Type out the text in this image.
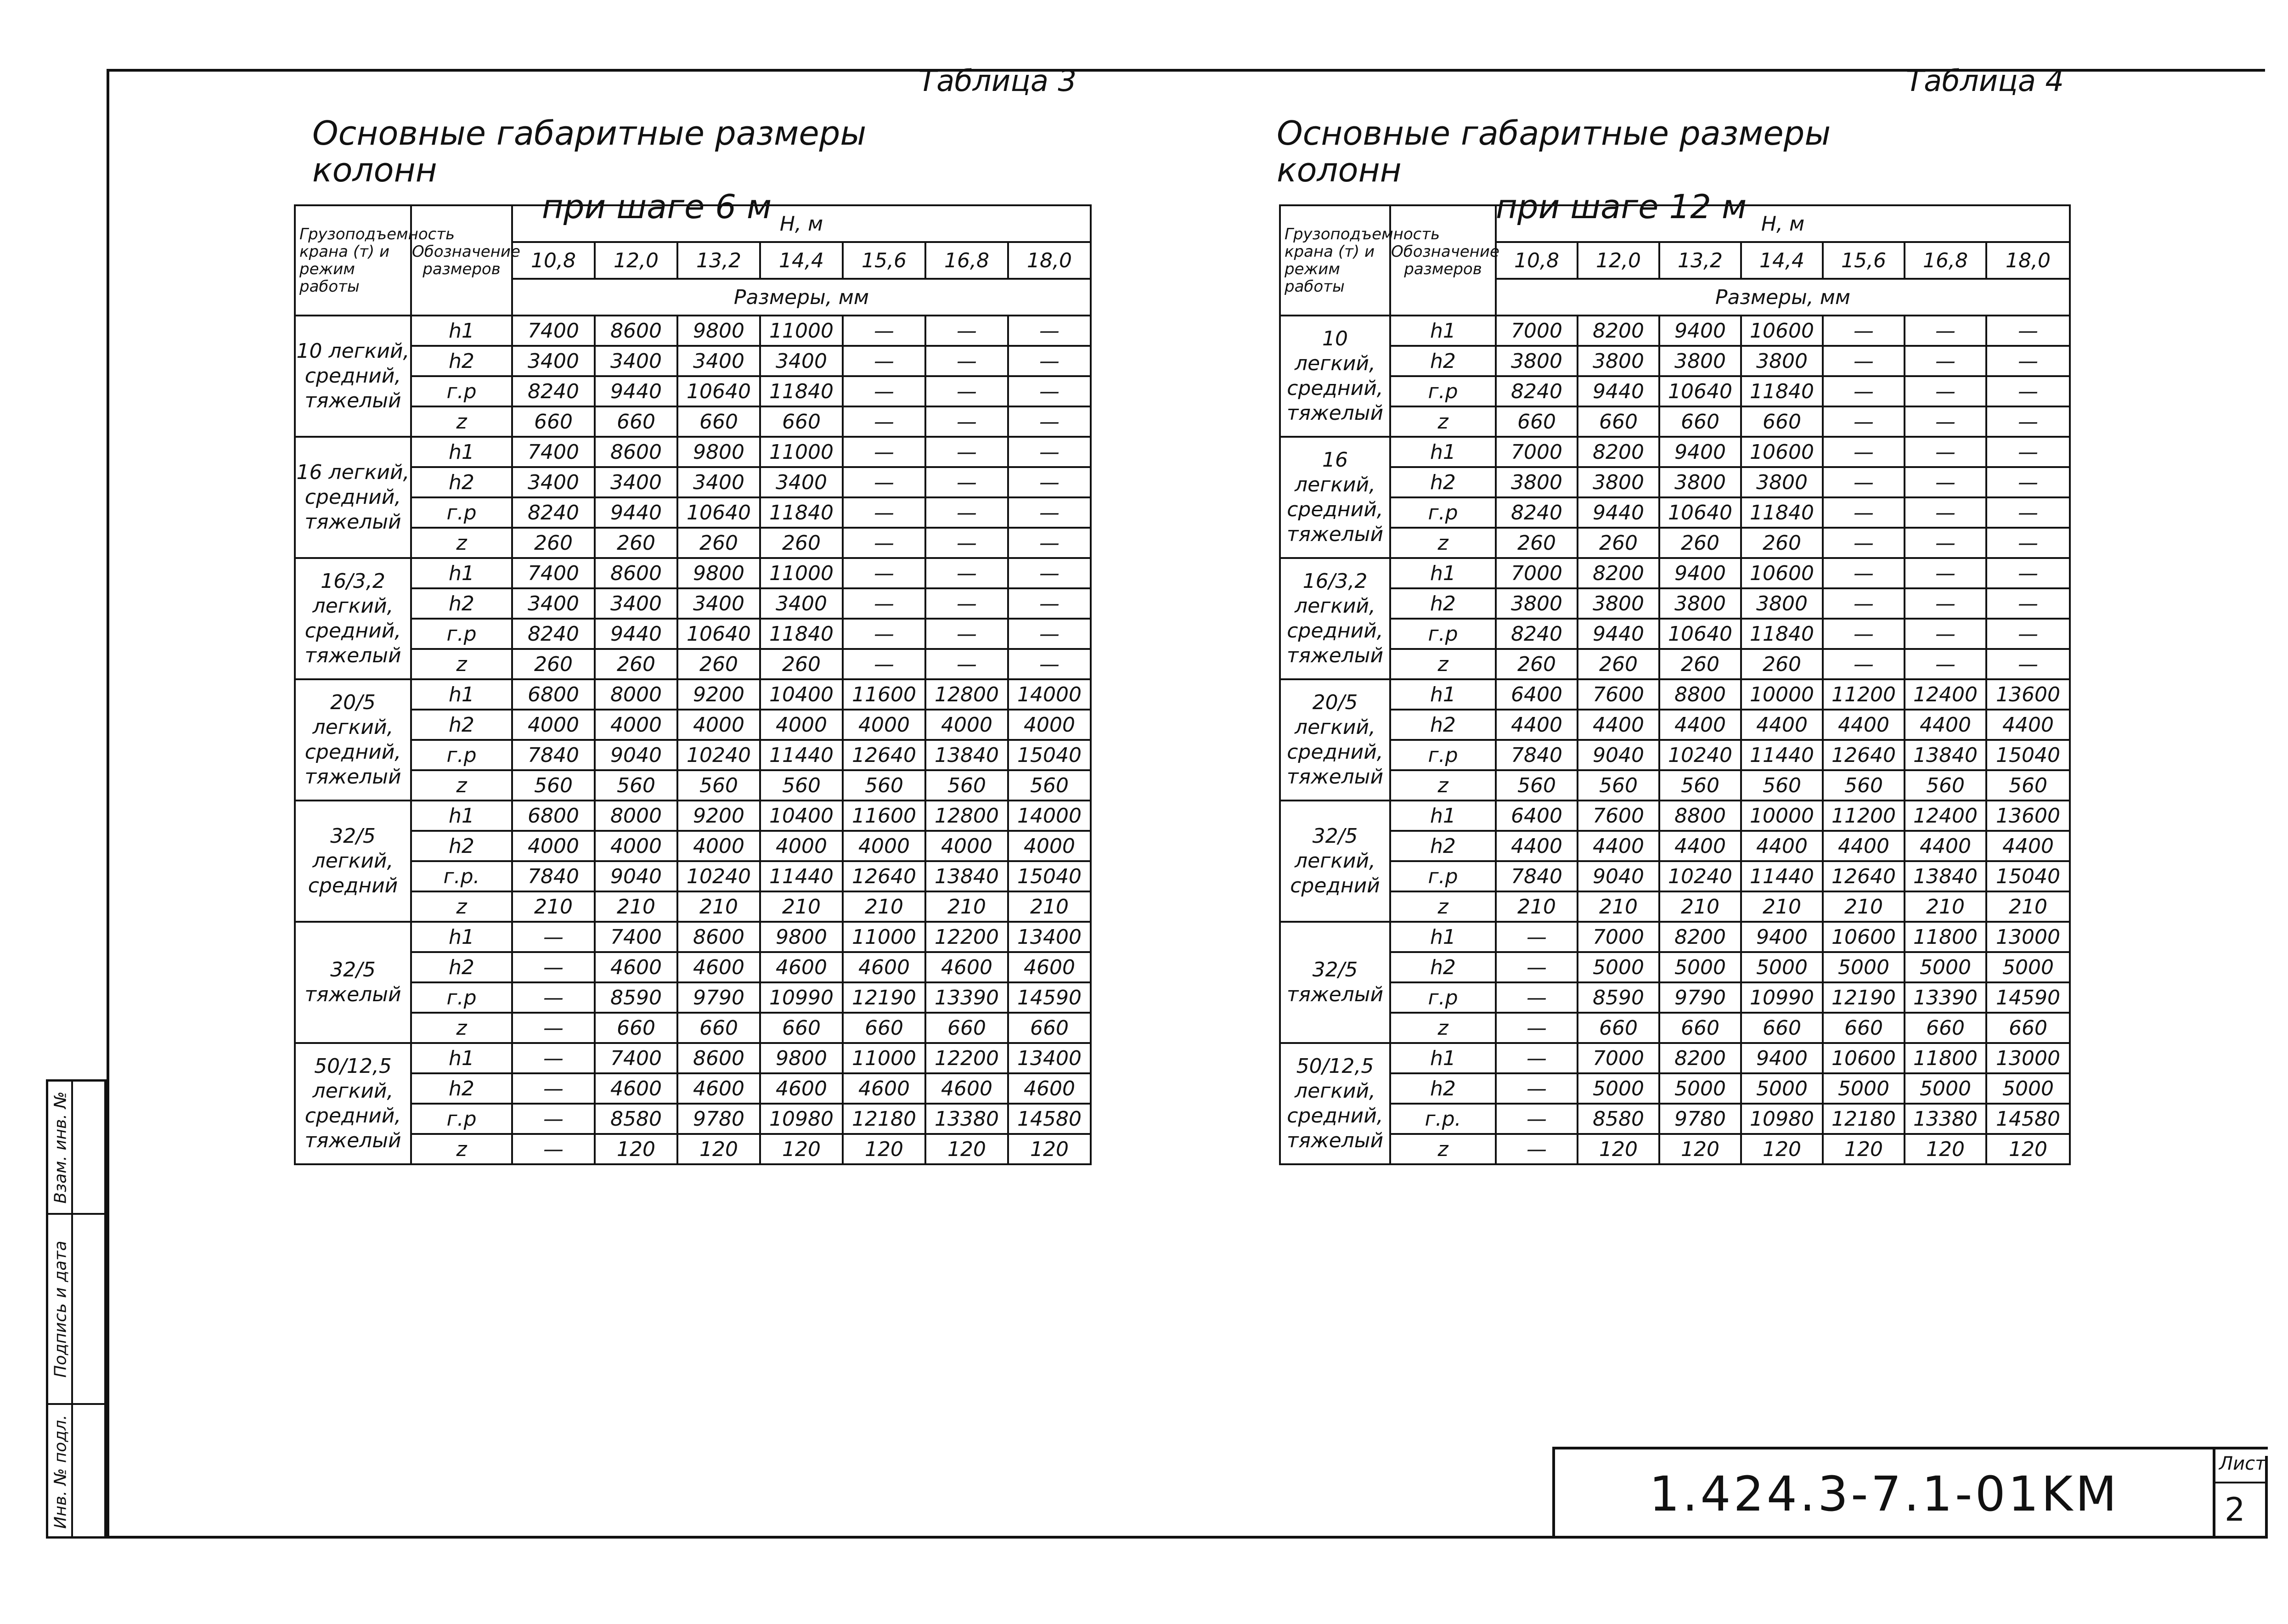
Таблица 3
Основные габаритные размеры колонн
при шаге 6 м
Грузоподъемность крана (т) и режим работы	Обозначение размеров	H, м						
		10,8	12,0	13,2	14,4	15,6	16,8	18,0
		Размеры, мм						
10 легкий, средний, тяжелый	h1	7400	8600	9800	11000	—	—	—
	h2	3400	3400	3400	3400	—	—	—
	г.р	8240	9440	10640	11840	—	—	—
	z	660	660	660	660	—	—	—
16 легкий, средний, тяжелый	h1	7400	8600	9800	11000	—	—	—
	h2	3400	3400	3400	3400	—	—	—
	г.р	8240	9440	10640	11840	—	—	—
	z	260	260	260	260	—	—	—
16/3,2 легкий, средний, тяжелый	h1	7400	8600	9800	11000	—	—	—
	h2	3400	3400	3400	3400	—	—	—
	г.р	8240	9440	10640	11840	—	—	—
	z	260	260	260	260	—	—	—
20/5 легкий, средний, тяжелый	h1	6800	8000	9200	10400	11600	12800	14000
	h2	4000	4000	4000	4000	4000	4000	4000
	г.р	7840	9040	10240	11440	12640	13840	15040
	z	560	560	560	560	560	560	560
32/5 легкий, средний	h1	6800	8000	9200	10400	11600	12800	14000
	h2	4000	4000	4000	4000	4000	4000	4000
	г.р.	7840	9040	10240	11440	12640	13840	15040
	z	210	210	210	210	210	210	210
32/5 тяжелый	h1	—	7400	8600	9800	11000	12200	13400
	h2	—	4600	4600	4600	4600	4600	4600
	г.р	—	8590	9790	10990	12190	13390	14590
	z	—	660	660	660	660	660	660
50/12,5 легкий, средний, тяжелый	h1	—	7400	8600	9800	11000	12200	13400
	h2	—	4600	4600	4600	4600	4600	4600
	г.р	—	8580	9780	10980	12180	13380	14580
	z	—	120	120	120	120	120	120
Таблица 4
Основные габаритные размеры колонн
при шаге 12 м
Грузоподъемность крана (т) и режим работы	Обозначение размеров	H, м						
		10,8	12,0	13,2	14,4	15,6	16,8	18,0
		Размеры, мм						
10 легкий, средний, тяжелый	h1	7000	8200	9400	10600	—	—	—
	h2	3800	3800	3800	3800	—	—	—
	г.р	8240	9440	10640	11840	—	—	—
	z	660	660	660	660	—	—	—
16 легкий, средний, тяжелый	h1	7000	8200	9400	10600	—	—	—
	h2	3800	3800	3800	3800	—	—	—
	г.р	8240	9440	10640	11840	—	—	—
	z	260	260	260	260	—	—	—
16/3,2 легкий, средний, тяжелый	h1	7000	8200	9400	10600	—	—	—
	h2	3800	3800	3800	3800	—	—	—
	г.р	8240	9440	10640	11840	—	—	—
	z	260	260	260	260	—	—	—
20/5 легкий, средний, тяжелый	h1	6400	7600	8800	10000	11200	12400	13600
	h2	4400	4400	4400	4400	4400	4400	4400
	г.р	7840	9040	10240	11440	12640	13840	15040
	z	560	560	560	560	560	560	560
32/5 легкий, средний	h1	6400	7600	8800	10000	11200	12400	13600
	h2	4400	4400	4400	4400	4400	4400	4400
	г.р	7840	9040	10240	11440	12640	13840	15040
	z	210	210	210	210	210	210	210
32/5 тяжелый	h1	—	7000	8200	9400	10600	11800	13000
	h2	—	5000	5000	5000	5000	5000	5000
	г.р	—	8590	9790	10990	12190	13390	14590
	z	—	660	660	660	660	660	660
50/12,5 легкий, средний, тяжелый	h1	—	7000	8200	9400	10600	11800	13000
	h2	—	5000	5000	5000	5000	5000	5000
	г.р.	—	8580	9780	10980	12180	13380	14580
	z	—	120	120	120	120	120	120
Взам. инв. №
Подпись и дата
Инв. № подл.	1.424.3-7.1-01KM
Лист
2
